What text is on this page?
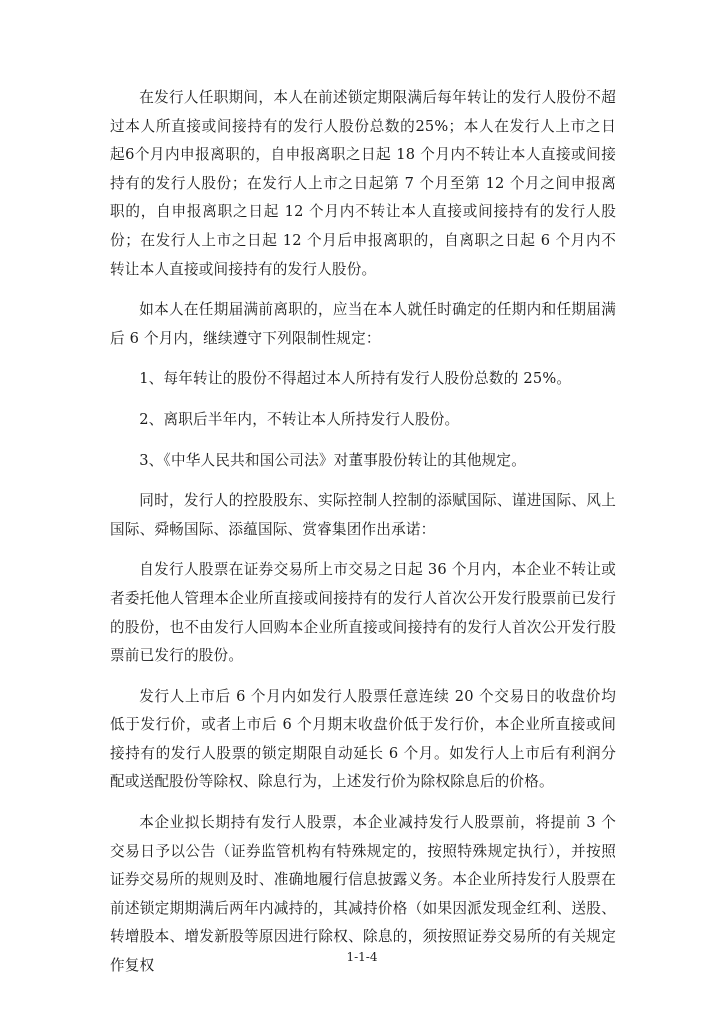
在发行人任职期间，本人在前述锁定期限满后每年转让的发行人股份不超过本人所直接或间接持有的发行人股份总数的25%；本人在发行人上市之日起6个月内申报离职的，自申报离职之日起 18 个月内不转让本人直接或间接持有的发行人股份；在发行人上市之日起第 7 个月至第 12 个月之间申报离职的，自申报离职之日起 12 个月内不转让本人直接或间接持有的发行人股份；在发行人上市之日起 12 个月后申报离职的，自离职之日起 6 个月内不转让本人直接或间接持有的发行人股份。

如本人在任期届满前离职的，应当在本人就任时确定的任期内和任期届满后 6 个月内，继续遵守下列限制性规定：

1、每年转让的股份不得超过本人所持有发行人股份总数的 25%。

2、离职后半年内，不转让本人所持发行人股份。

3、《中华人民共和国公司法》对董事股份转让的其他规定。

同时，发行人的控股股东、实际控制人控制的添赋国际、谨进国际、风上国际、舜畅国际、添蕴国际、赏睿集团作出承诺：

自发行人股票在证券交易所上市交易之日起 36 个月内，本企业不转让或者委托他人管理本企业所直接或间接持有的发行人首次公开发行股票前已发行的股份，也不由发行人回购本企业所直接或间接持有的发行人首次公开发行股票前已发行的股份。

发行人上市后 6 个月内如发行人股票任意连续 20 个交易日的收盘价均低于发行价，或者上市后 6 个月期末收盘价低于发行价，本企业所直接或间接持有的发行人股票的锁定期限自动延长 6 个月。如发行人上市后有利润分配或送配股份等除权、除息行为，上述发行价为除权除息后的价格。

本企业拟长期持有发行人股票，本企业减持发行人股票前，将提前 3 个交易日予以公告（证券监管机构有特殊规定的，按照特殊规定执行），并按照证券交易所的规则及时、准确地履行信息披露义务。本企业所持发行人股票在前述锁定期期满后两年内减持的，其减持价格（如果因派发现金红利、送股、转增股本、增发新股等原因进行除权、除息的，须按照证券交易所的有关规定作复权

1-1-4
